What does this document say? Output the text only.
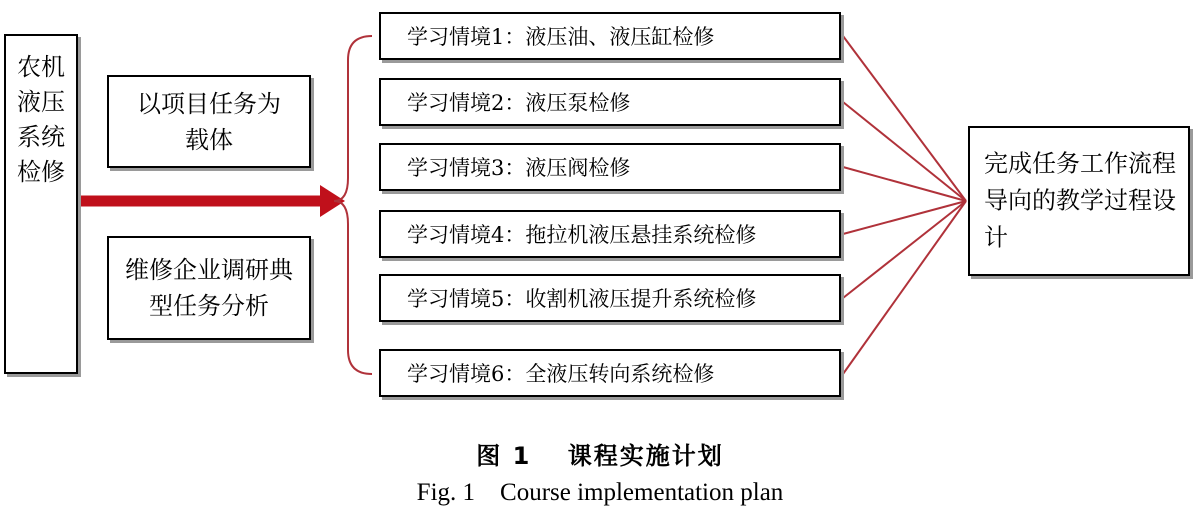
农机液压系统检修
以项目任务为载体
维修企业调研典型任务分析
学习情境1：液压油、液压缸检修
学习情境2：液压泵检修
学习情境3：液压阀检修
学习情境4：拖拉机液压悬挂系统检修
学习情境5：收割机液压提升系统检修
学习情境6：全液压转向系统检修
完成任务工作流程导向的教学过程设计
图 1　 课程实施计划
Fig. 1    Course implementation plan
